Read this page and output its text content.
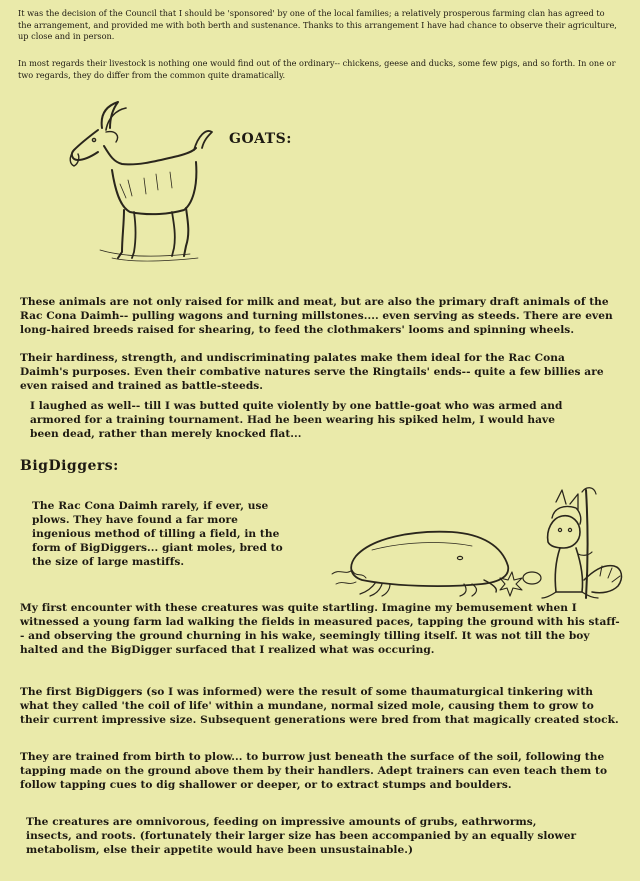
It was the decision of the Council that I should be 'sponsored' by one of the local families; a relatively prosperous farming clan has agreed to the arrangement, and provided me with both berth and sustenance. Thanks to this arrangement I have had chance to observe their agriculture, up close and in person.

In most regards their livestock is nothing one would find out of the ordinary-- chickens, geese and ducks, some few pigs, and so forth. In one or two regards, they do differ from the common quite dramatically.

GOATS:

These animals are not only raised for milk and meat, but are also the primary draft animals of the Rac Cona Daimh-- pulling wagons and turning millstones.... even serving as steeds. There are even long-haired breeds raised for shearing, to feed the clothmakers' looms and spinning wheels.

Their hardiness, strength, and undiscriminating palates make them ideal for the Rac Cona Daimh's purposes. Even their combative natures serve the Ringtails' ends-- quite a few billies are even raised and trained as battle-steeds.

I laughed as well-- till I was butted quite violently by one battle-goat who was armed and armored for a training tournament. Had he been wearing his spiked helm, I would have been dead, rather than merely knocked flat...

BigDiggers:

The Rac Cona Daimh rarely, if ever, use plows. They have found a far more ingenious method of tilling a field, in the form of BigDiggers... giant moles, bred to the size of large mastiffs.

My first encounter with these creatures was quite startling. Imagine my bemusement when I witnessed a young farm lad walking the fields in measured paces, tapping the ground with his staff-- and observing the ground churning in his wake, seemingly tilling itself. It was not till the boy halted and the BigDigger surfaced that I realized what was occuring.

The first BigDiggers (so I was informed) were the result of some thaumaturgical tinkering with what they called 'the coil of life' within a mundane, normal sized mole, causing them to grow to their current impressive size. Subsequent generations were bred from that magically created stock.

They are trained from birth to plow... to burrow just beneath the surface of the soil, following the tapping made on the ground above them by their handlers. Adept trainers can even teach them to follow tapping cues to dig shallower or deeper, or to extract stumps and boulders.

The creatures are omnivorous, feeding on impressive amounts of grubs, eathrworms, insects, and roots. (fortunately their larger size has been accompanied by an equally slower metabolism, else their appetite would have been unsustainable.)
